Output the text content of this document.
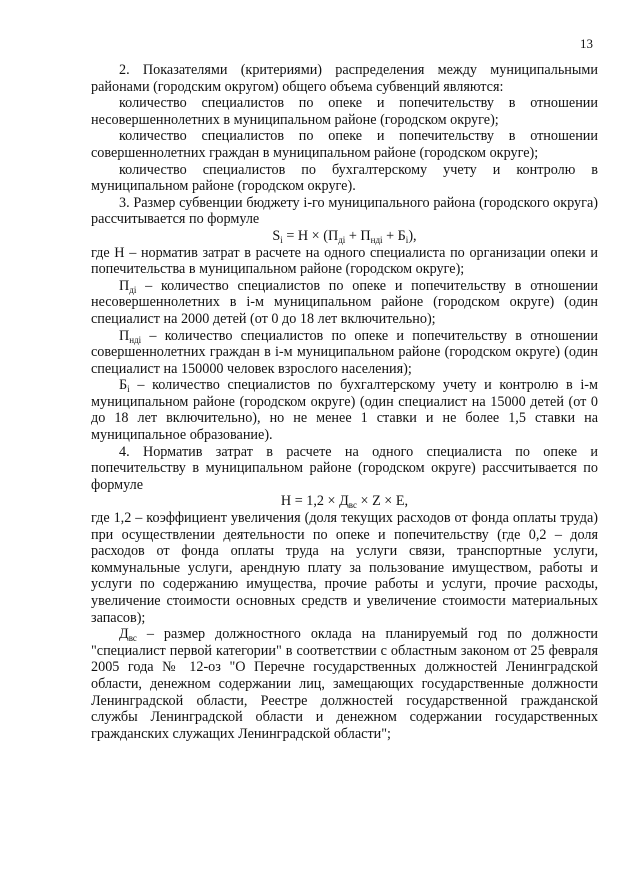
13

2. Показателями (критериями) распределения между муниципальными районами (городским округом) общего объема субвенций являются:

количество специалистов по опеке и попечительству в отношении несовершеннолетних в муниципальном районе (городском округе);

количество специалистов по опеке и попечительству в отношении совершеннолетних граждан в муниципальном районе (городском округе);

количество специалистов по бухгалтерскому учету и контролю в муниципальном районе (городском округе).

3. Размер субвенции бюджету i-го муниципального района (городского округа) рассчитывается по формуле

$S_i = Н \times (П_{дi} + П_{ндi} + Б_i)$,

где Н – норматив затрат в расчете на одного специалиста по организации опеки и попечительства в муниципальном районе (городском округе);

$П_{дi}$ – количество специалистов по опеке и попечительству в отношении несовершеннолетних в i-м муниципальном районе (городском округе) (один специалист на 2000 детей (от 0 до 18 лет включительно);

$П_{ндi}$ – количество специалистов по опеке и попечительству в отношении совершеннолетних граждан в i-м муниципальном районе (городском округе) (один специалист на 150000 человек взрослого населения);

$Б_i$ – количество специалистов по бухгалтерскому учету и контролю в i-м муниципальном районе (городском округе) (один специалист на 15000 детей (от 0 до 18 лет включительно), но не менее 1 ставки и не более 1,5 ставки на муниципальное образование).

4. Норматив затрат в расчете на одного специалиста по опеке и попечительству в муниципальном районе (городском округе) рассчитывается по формуле

$Н = 1,2 \times Д_{вс} \times Z \times Е$,

где 1,2 – коэффициент увеличения (доля текущих расходов от фонда оплаты труда) при осуществлении деятельности по опеке и попечительству (где 0,2 – доля расходов от фонда оплаты труда на услуги связи, транспортные услуги, коммунальные услуги, арендную плату за пользование имуществом, работы и услуги по содержанию имущества, прочие работы и услуги, прочие расходы, увеличение стоимости основных средств и увеличение стоимости материальных запасов);

$Д_{вс}$ – размер должностного оклада на планируемый год по должности "специалист первой категории" в соответствии с областным законом от 25 февраля 2005 года № 12-оз "О Перечне государственных должностей Ленинградской области, денежном содержании лиц, замещающих государственные должности Ленинградской области, Реестре должностей государственной гражданской службы Ленинградской области и денежном содержании государственных гражданских служащих Ленинградской области";
